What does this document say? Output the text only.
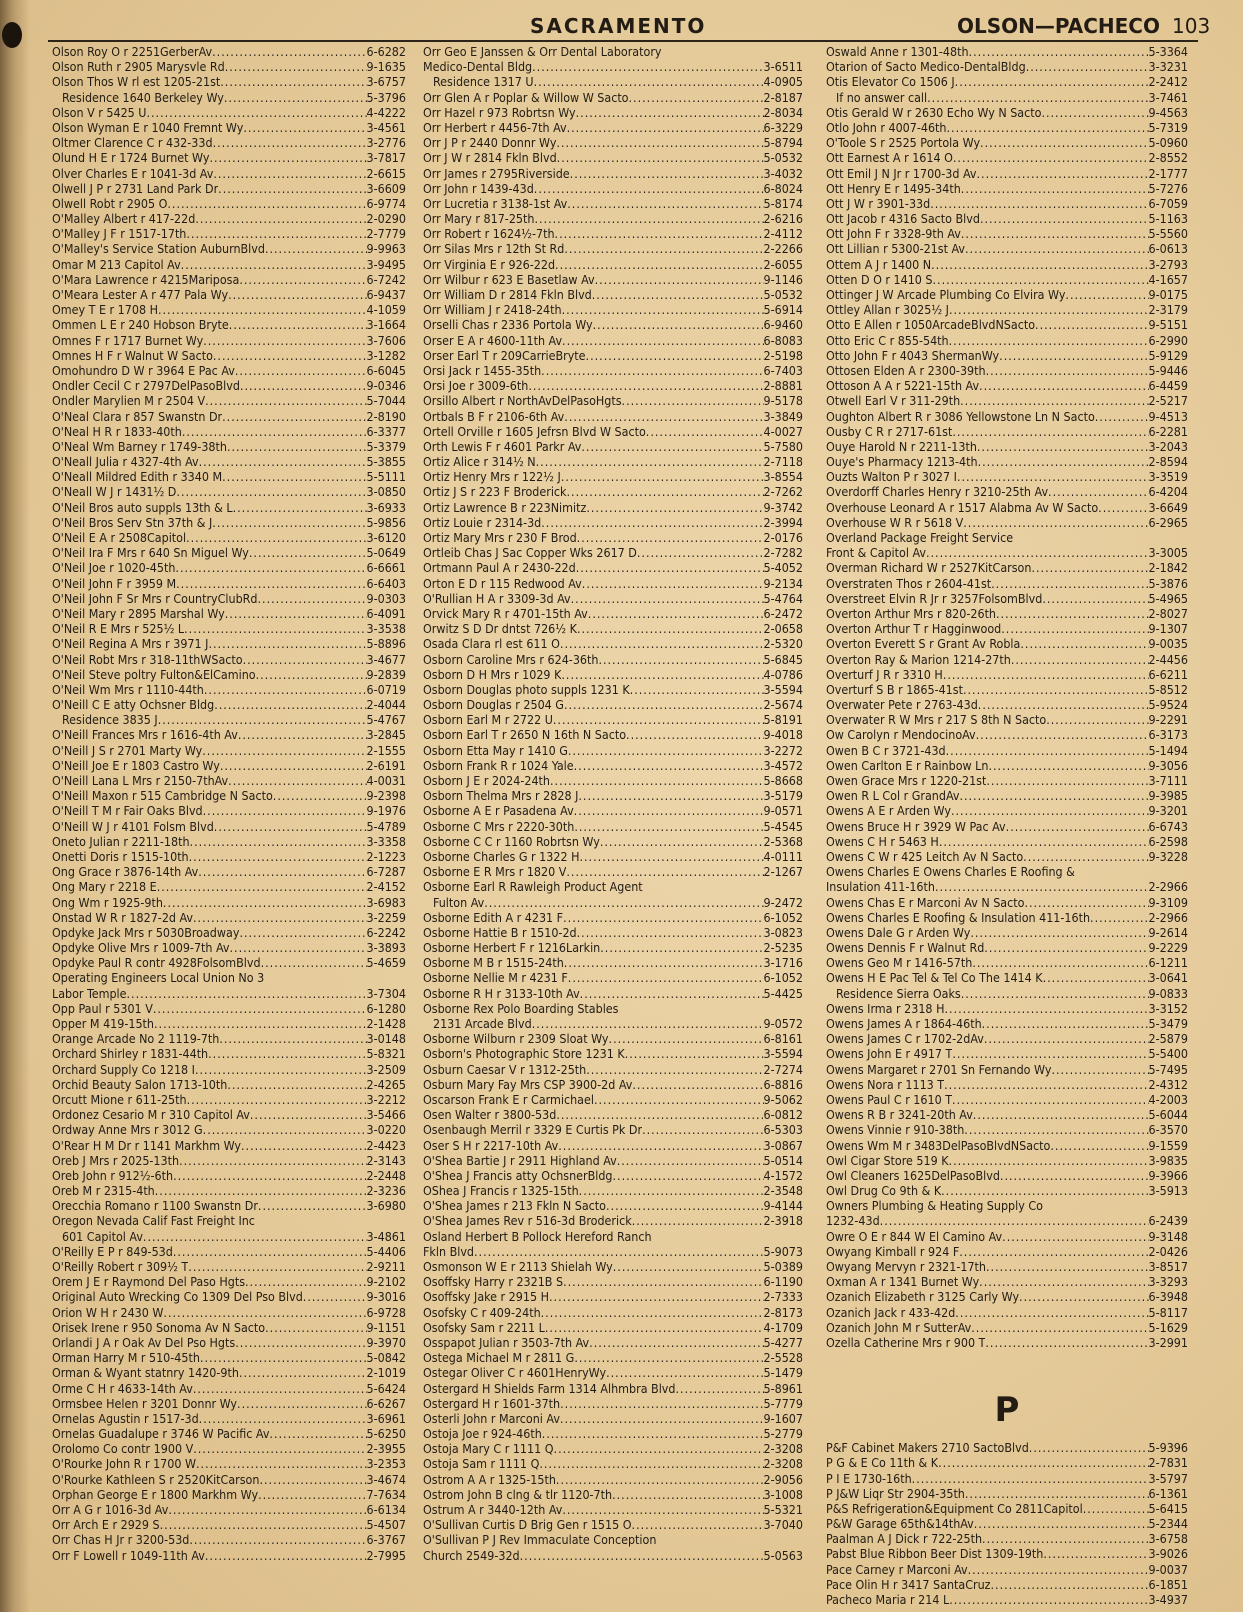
SACRAMENTO	OLSON—PACHECO 103
Olson Roy O r 2251GerberAv .....	6-6282
Olson Ruth r 2905 Marysvle Rd .....	9-1635
Olson Thos W rl est 1205-21st .....	3-6757
Residence 1640 Berkeley Wy .....	5-3796
Olson V r 5425 U .....	4-4222
Olson Wyman E r 1040 Fremnt Wy .....	3-4561
Oltmer Clarence C r 432-33d .....	3-2776
Olund H E r 1724 Burnet Wy .....	3-7817
Olver Charles E r 1041-3d Av .....	2-6615
Olwell J P r 2731 Land Park Dr .....	3-6609
Olwell Robt r 2905 O .....	6-9774
O'Malley Albert r 417-22d .....	2-0290
O'Malley J F r 1517-17th .....	2-7779
O'Malley's Service Station AuburnBlvd .....	9-9963
Omar M 213 Capitol Av .....	3-9495
O'Mara Lawrence r 4215Mariposa .....	6-7242
O'Meara Lester A r 477 Pala Wy .....	6-9437
Omey T E r 1708 H .....	4-1059
Ommen L E r 240 Hobson Bryte .....	3-1664
Omnes F r 1717 Burnet Wy .....	3-7606
Omnes H F r Walnut W Sacto .....	3-1282
Omohundro D W r 3964 E Pac Av .....	6-6045
Ondler Cecil C r 2797DelPasoBlvd .....	9-0346
Ondler Marylien M r 2504 V .....	5-7044
O'Neal Clara r 857 Swanstn Dr .....	2-8190
O'Neal H R r 1833-40th .....	6-3377
O'Neal Wm Barney r 1749-38th .....	5-3379
O'Neall Julia r 4327-4th Av .....	5-3855
O'Neall Mildred Edith r 3340 M .....	5-5111
O'Neall W J r 1431½ D .....	3-0850
O'Neil Bros auto suppls 13th & L .....	3-6933
O'Neil Bros Serv Stn 37th & J .....	5-9856
O'Neil E A r 2508Capitol .....	3-6120
O'Neil Ira F Mrs r 640 Sn Miguel Wy .....	5-0649
O'Neil Joe r 1020-45th .....	6-6661
O'Neil John F r 3959 M .....	6-6403
O'Neil John F Sr Mrs r CountryClubRd .....	9-0303
O'Neil Mary r 2895 Marshal Wy .....	6-4091
O'Neil R E Mrs r 525½ L .....	3-3538
O'Neil Regina A Mrs r 3971 J .....	5-8896
O'Neil Robt Mrs r 318-11thWSacto .....	3-4677
O'Neil Steve poltry Fulton&ElCamino .....	9-2839
O'Neil Wm Mrs r 1110-44th .....	6-0719
O'Neill C E atty Ochsner Bldg .....	2-4044
Residence 3835 J .....	5-4767
O'Neill Frances Mrs r 1616-4th Av .....	3-2845
O'Neill J S r 2701 Marty Wy .....	2-1555
O'Neill Joe E r 1803 Castro Wy .....	2-6191
O'Neill Lana L Mrs r 2150-7thAv .....	4-0031
O'Neill Maxon r 515 Cambridge N Sacto .....	9-2398
O'Neill T M r Fair Oaks Blvd .....	9-1976
O'Neill W J r 4101 Folsm Blvd .....	5-4789
Oneto Julian r 2211-18th .....	3-3358
Onetti Doris r 1515-10th .....	2-1223
Ong Grace r 3876-14th Av .....	6-7287
Ong Mary r 2218 E .....	2-4152
Ong Wm r 1925-9th .....	3-6983
Onstad W R r 1827-2d Av .....	3-2259
Opdyke Jack Mrs r 5030Broadway .....	6-2242
Opdyke Olive Mrs r 1009-7th Av .....	3-3893
Opdyke Paul R contr 4928FolsomBlvd .....	5-4659
Operating Engineers Local Union No 3
Labor Temple .....	3-7304
Opp Paul r 5301 V .....	6-1280
Opper M 419-15th .....	2-1428
Orange Arcade No 2 1119-7th .....	3-0148
Orchard Shirley r 1831-44th .....	5-8321
Orchard Supply Co 1218 I .....	3-2509
Orchid Beauty Salon 1713-10th .....	2-4265
Orcutt Mione r 611-25th .....	3-2212
Ordonez Cesario M r 310 Capitol Av .....	3-5466
Ordway Anne Mrs r 3012 G .....	3-0220
O'Rear H M Dr r 1141 Markhm Wy .....	2-4423
Oreb J Mrs r 2025-13th .....	2-3143
Oreb John r 912½-6th .....	2-2448
Oreb M r 2315-4th .....	2-3236
Orecchia Romano r 1100 Swanstn Dr .....	3-6980
Oregon Nevada Calif Fast Freight Inc
601 Capitol Av .....	3-4861
O'Reilly E P r 849-53d .....	5-4406
O'Reilly Robert r 309½ T .....	2-9211
Orem J E r Raymond Del Paso Hgts .....	9-2102
Original Auto Wrecking Co 1309 Del Pso Blvd .....	9-3016
Orion W H r 2430 W .....	6-9728
Orisek Irene r 950 Sonoma Av N Sacto .....	9-1151
Orlandi J A r Oak Av Del Pso Hgts .....	9-3970
Orman Harry M r 510-45th .....	5-0842
Orman & Wyant statnry 1420-9th .....	2-1019
Orme C H r 4633-14th Av .....	5-6424
Ormsbee Helen r 3201 Donnr Wy .....	6-6267
Ornelas Agustin r 1517-3d .....	3-6961
Ornelas Guadalupe r 3746 W Pacific Av .....	5-6250
Orolomo Co contr 1900 V .....	2-3955
O'Rourke John R r 1700 W .....	3-2353
O'Rourke Kathleen S r 2520KitCarson .....	3-4674
Orphan George E r 1800 Markhm Wy .....	7-7634
Orr A G r 1016-3d Av .....	6-6134
Orr Arch E r 2929 S .....	5-4507
Orr Chas H Jr r 3200-53d .....	6-3767
Orr F Lowell r 1049-11th Av .....	2-7995
Orr Geo E Janssen & Orr Dental Laboratory
Medico-Dental Bldg .....	3-6511
Residence 1317 U .....	4-0905
Orr Glen A r Poplar & Willow W Sacto .....	2-8187
Orr Hazel r 973 Robrtsn Wy .....	2-8034
Orr Herbert r 4456-7th Av .....	6-3229
Orr J P r 2440 Donnr Wy .....	5-8794
Orr J W r 2814 Fkln Blvd .....	5-0532
Orr James r 2795Riverside .....	3-4032
Orr John r 1439-43d .....	6-8024
Orr Lucretia r 3138-1st Av .....	5-8174
Orr Mary r 817-25th .....	2-6216
Orr Robert r 1624½-7th .....	2-4112
Orr Silas Mrs r 12th St Rd .....	2-2266
Orr Virginia E r 926-22d .....	2-6055
Orr Wilbur r 623 E Basetlaw Av .....	9-1146
Orr William D r 2814 Fkln Blvd .....	5-0532
Orr William J r 2418-24th .....	5-6914
Orselli Chas r 2336 Portola Wy .....	6-9460
Orser E A r 4600-11th Av .....	6-8083
Orser Earl T r 209CarrieBryte .....	2-5198
Orsi Jack r 1455-35th .....	6-7403
Orsi Joe r 3009-6th .....	2-8881
Orsillo Albert r NorthAvDelPasoHgts .....	9-5178
Ortbals B F r 2106-6th Av .....	3-3849
Ortell Orville r 1605 Jefrsn Blvd W Sacto .....	4-0027
Orth Lewis F r 4601 Parkr Av .....	5-7580
Ortiz Alice r 314½ N .....	2-7118
Ortiz Henry Mrs r 122½ J .....	3-8554
Ortiz J S r 223 F Broderick .....	2-7262
Ortiz Lawrence B r 223Nimitz .....	9-3742
Ortiz Louie r 2314-3d .....	2-3994
Ortiz Mary Mrs r 230 F Brod .....	2-0176
Ortleib Chas J Sac Copper Wks 2617 D .....	2-7282
Ortmann Paul A r 2430-22d .....	5-4052
Orton E D r 115 Redwood Av .....	9-2134
O'Rullian H A r 3309-3d Av .....	5-4764
Orvick Mary R r 4701-15th Av .....	6-2472
Orwitz S D Dr dntst 726½ K .....	2-0658
Osada Clara rl est 611 O .....	2-5320
Osborn Caroline Mrs r 624-36th .....	5-6845
Osborn D H Mrs r 1029 K .....	4-0786
Osborn Douglas photo suppls 1231 K .....	3-5594
Osborn Douglas r 2504 G .....	2-5674
Osborn Earl M r 2722 U .....	5-8191
Osborn Earl T r 2650 N 16th N Sacto .....	9-4018
Osborn Etta May r 1410 G .....	3-2272
Osborn Frank R r 1024 Yale .....	3-4572
Osborn J E r 2024-24th .....	5-8668
Osborn Thelma Mrs r 2828 J .....	3-5179
Osborne A E r Pasadena Av .....	9-0571
Osborne C Mrs r 2220-30th .....	5-4545
Osborne C C r 1160 Robrtsn Wy .....	2-5368
Osborne Charles G r 1322 H .....	4-0111
Osborne E R Mrs r 1820 V .....	2-1267
Osborne Earl R Rawleigh Product Agent
Fulton Av .....	9-2472
Osborne Edith A r 4231 F .....	6-1052
Osborne Hattie B r 1510-2d .....	3-0823
Osborne Herbert F r 1216Larkin .....	2-5235
Osborne M B r 1515-24th .....	3-1716
Osborne Nellie M r 4231 F .....	6-1052
Osborne R H r 3133-10th Av .....	5-4425
Osborne Rex Polo Boarding Stables
2131 Arcade Blvd .....	9-0572
Osborne Wilburn r 2309 Sloat Wy .....	6-8161
Osborn's Photographic Store 1231 K .....	3-5594
Osburn Caesar V r 1312-25th .....	2-7274
Osburn Mary Fay Mrs CSP 3900-2d Av .....	6-8816
Oscarson Frank E r Carmichael .....	9-5062
Osen Walter r 3800-53d .....	6-0812
Osenbaugh Merril r 3329 E Curtis Pk Dr .....	6-5303
Oser S H r 2217-10th Av .....	3-0867
O'Shea Bartie J r 2911 Highland Av .....	5-0514
O'Shea J Francis atty OchsnerBldg .....	4-1572
OShea J Francis r 1325-15th .....	2-3548
O'Shea James r 213 Fkln N Sacto .....	9-4144
O'Shea James Rev r 516-3d Broderick .....	2-3918
Osland Herbert B Pollock Hereford Ranch
Fkln Blvd .....	5-9073
Osmonson W E r 2113 Shielah Wy .....	5-0389
Osoffsky Harry r 2321B S .....	6-1190
Osoffsky Jake r 2915 H .....	2-7333
Osofsky C r 409-24th .....	2-8173
Osofsky Sam r 2211 L .....	4-1709
Osspapot Julian r 3503-7th Av .....	5-4277
Ostega Michael M r 2811 G .....	2-5528
Ostegar Oliver C r 4601HenryWy .....	5-1479
Ostergard H Shields Farm 1314 Alhmbra Blvd .....	5-8961
Ostergard H r 1601-37th .....	5-7779
Osterli John r Marconi Av .....	9-1607
Ostoja Joe r 924-46th .....	5-2779
Ostoja Mary C r 1111 Q .....	2-3208
Ostoja Sam r 1111 Q .....	2-3208
Ostrom A A r 1325-15th .....	2-9056
Ostrom John B clng & tlr 1120-7th .....	3-1008
Ostrum A r 3440-12th Av .....	5-5321
O'Sullivan Curtis D Brig Gen r 1515 O .....	3-7040
O'Sullivan P J Rev Immaculate Conception
Church 2549-32d .....	5-0563
Oswald Anne r 1301-48th .....	5-3364
Otarion of Sacto Medico-DentalBldg .....	3-3231
Otis Elevator Co 1506 J .....	2-2412
If no answer call .....	3-7461
Otis Gerald W r 2630 Echo Wy N Sacto .....	9-4563
Otlo John r 4007-46th .....	5-7319
O'Toole S r 2525 Portola Wy .....	5-0960
Ott Earnest A r 1614 O .....	2-8552
Ott Emil J N Jr r 1700-3d Av .....	2-1777
Ott Henry E r 1495-34th .....	5-7276
Ott J W r 3901-33d .....	6-7059
Ott Jacob r 4316 Sacto Blvd .....	5-1163
Ott John F r 3328-9th Av .....	5-5560
Ott Lillian r 5300-21st Av .....	6-0613
Ottem A J r 1400 N .....	3-2793
Otten D O r 1410 S .....	4-1657
Ottinger J W Arcade Plumbing Co Elvira Wy .....	9-0175
Ottley Allan r 3025½ J .....	2-3179
Otto E Allen r 1050ArcadeBlvdNSacto .....	9-5151
Otto Eric C r 855-54th .....	6-2990
Otto John F r 4043 ShermanWy .....	5-9129
Ottosen Elden A r 2300-39th .....	5-9446
Ottoson A A r 5221-15th Av .....	6-4459
Otwell Earl V r 311-29th .....	2-5217
Oughton Albert R r 3086 Yellowstone Ln N Sacto .....	9-4513
Ousby C R r 2717-61st .....	6-2281
Ouye Harold N r 2211-13th .....	3-2043
Ouye's Pharmacy 1213-4th .....	2-8594
Ouzts Walton P r 3027 I .....	3-3519
Overdorff Charles Henry r 3210-25th Av .....	6-4204
Overhouse Leonard A r 1517 Alabma Av W Sacto .....	3-6649
Overhouse W R r 5618 V .....	6-2965
Overland Package Freight Service
Front & Capitol Av .....	3-3005
Overman Richard W r 2527KitCarson .....	2-1842
Overstraten Thos r 2604-41st .....	5-3876
Overstreet Elvin R Jr r 3257FolsomBlvd .....	5-4965
Overton Arthur Mrs r 820-26th .....	2-8027
Overton Arthur T r Hagginwood .....	9-1307
Overton Everett S r Grant Av Robla .....	9-0035
Overton Ray & Marion 1214-27th .....	2-4456
Overturf J R r 3310 H .....	6-6211
Overturf S B r 1865-41st .....	5-8512
Overwater Pete r 2763-43d .....	5-9524
Overwater R W Mrs r 217 S 8th N Sacto .....	9-2291
Ow Carolyn r MendocinoAv .....	6-3173
Owen B C r 3721-43d .....	5-1494
Owen Carlton E r Rainbow Ln .....	9-3056
Owen Grace Mrs r 1220-21st .....	3-7111
Owen R L Col r GrandAv .....	9-3985
Owens A E r Arden Wy .....	9-3201
Owens Bruce H r 3929 W Pac Av .....	6-6743
Owens C H r 5463 H .....	6-2598
Owens C W r 425 Leitch Av N Sacto .....	9-3228
Owens Charles E Owens Charles E Roofing &
Insulation 411-16th .....	2-2966
Owens Chas E r Marconi Av N Sacto .....	9-3109
Owens Charles E Roofing & Insulation 411-16th .....	2-2966
Owens Dale G r Arden Wy .....	9-2614
Owens Dennis F r Walnut Rd .....	9-2229
Owens Geo M r 1416-57th .....	6-1211
Owens H E Pac Tel & Tel Co The 1414 K .....	3-0641
Residence Sierra Oaks .....	9-0833
Owens Irma r 2318 H .....	3-3152
Owens James A r 1864-46th .....	5-3479
Owens James C r 1702-2dAv .....	2-5879
Owens John E r 4917 T .....	5-5400
Owens Margaret r 2701 Sn Fernando Wy .....	5-7495
Owens Nora r 1113 T .....	2-4312
Owens Paul C r 1610 T .....	4-2003
Owens R B r 3241-20th Av .....	5-6044
Owens Vinnie r 910-38th .....	6-3570
Owens Wm M r 3483DelPasoBlvdNSacto .....	9-1559
Owl Cigar Store 519 K .....	3-9835
Owl Cleaners 1625DelPasoBlvd .....	9-3966
Owl Drug Co 9th & K .....	3-5913
Owners Plumbing & Heating Supply Co
1232-43d .....	6-2439
Owre O E r 844 W El Camino Av .....	9-3148
Owyang Kimball r 924 F .....	2-0426
Owyang Mervyn r 2321-17th .....	3-8517
Oxman A r 1341 Burnet Wy .....	3-3293
Ozanich Elizabeth r 3125 Carly Wy .....	6-3948
Ozanich Jack r 433-42d .....	5-8117
Ozanich John M r SutterAv .....	5-1629
Ozella Catherine Mrs r 900 T .....	3-2991
P
P&F Cabinet Makers 2710 SactoBlvd .....	5-9396
P G & E Co 11th & K .....	2-7831
P I E 1730-16th .....	3-5797
P J&W Liqr Str 2904-35th .....	6-1361
P&S Refrigeration&Equipment Co 2811Capitol .....	5-6415
P&W Garage 65th&14thAv .....	5-2344
Paalman A J Dick r 722-25th .....	3-6758
Pabst Blue Ribbon Beer Dist 1309-19th .....	3-9026
Pace Carney r Marconi Av .....	9-0037
Pace Olin H r 3417 SantaCruz .....	6-1851
Pacheco Maria r 214 L .....	3-4937
